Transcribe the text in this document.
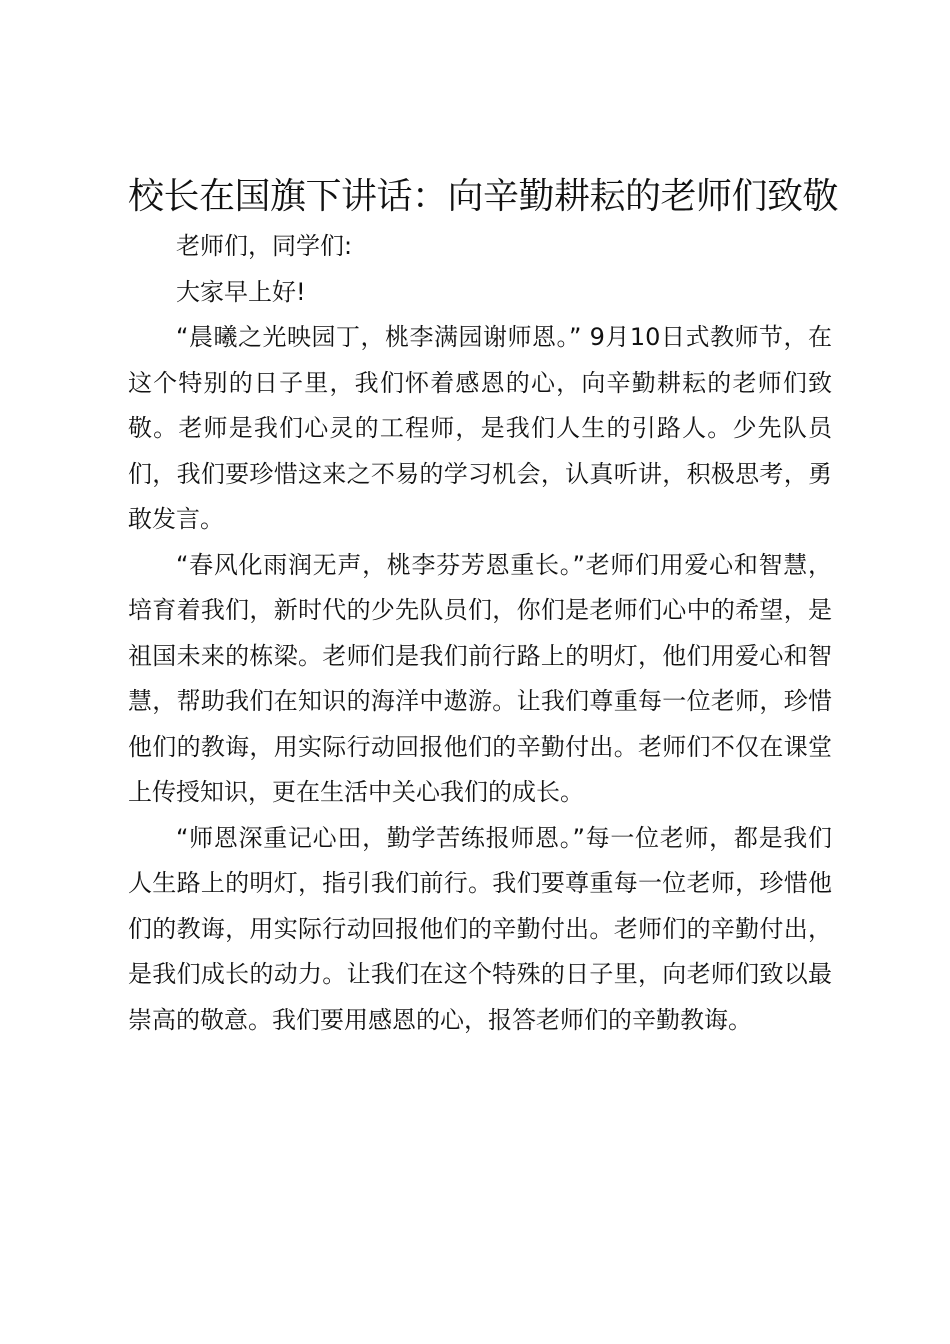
校长在国旗下讲话：向辛勤耕耘的老师们致敬

老师们，同学们:

大家早上好!

“晨曦之光映园丁，桃李满园谢师恩。” 9月10日式教师节，在这个特别的日子里，我们怀着感恩的心，向辛勤耕耘的老师们致敬。老师是我们心灵的工程师，是我们人生的引路人。少先队员们，我们要珍惜这来之不易的学习机会，认真听讲，积极思考，勇敢发言。

“春风化雨润无声，桃李芬芳恩重长。”老师们用爱心和智慧，培育着我们，新时代的少先队员们，你们是老师们心中的希望，是祖国未来的栋梁。老师们是我们前行路上的明灯，他们用爱心和智慧，帮助我们在知识的海洋中遨游。让我们尊重每一位老师，珍惜他们的教诲，用实际行动回报他们的辛勤付出。老师们不仅在课堂上传授知识，更在生活中关心我们的成长。

“师恩深重记心田，勤学苦练报师恩。”每一位老师，都是我们人生路上的明灯，指引我们前行。我们要尊重每一位老师，珍惜他们的教诲，用实际行动回报他们的辛勤付出。老师们的辛勤付出，是我们成长的动力。让我们在这个特殊的日子里，向老师们致以最崇高的敬意。我们要用感恩的心，报答老师们的辛勤教诲。
